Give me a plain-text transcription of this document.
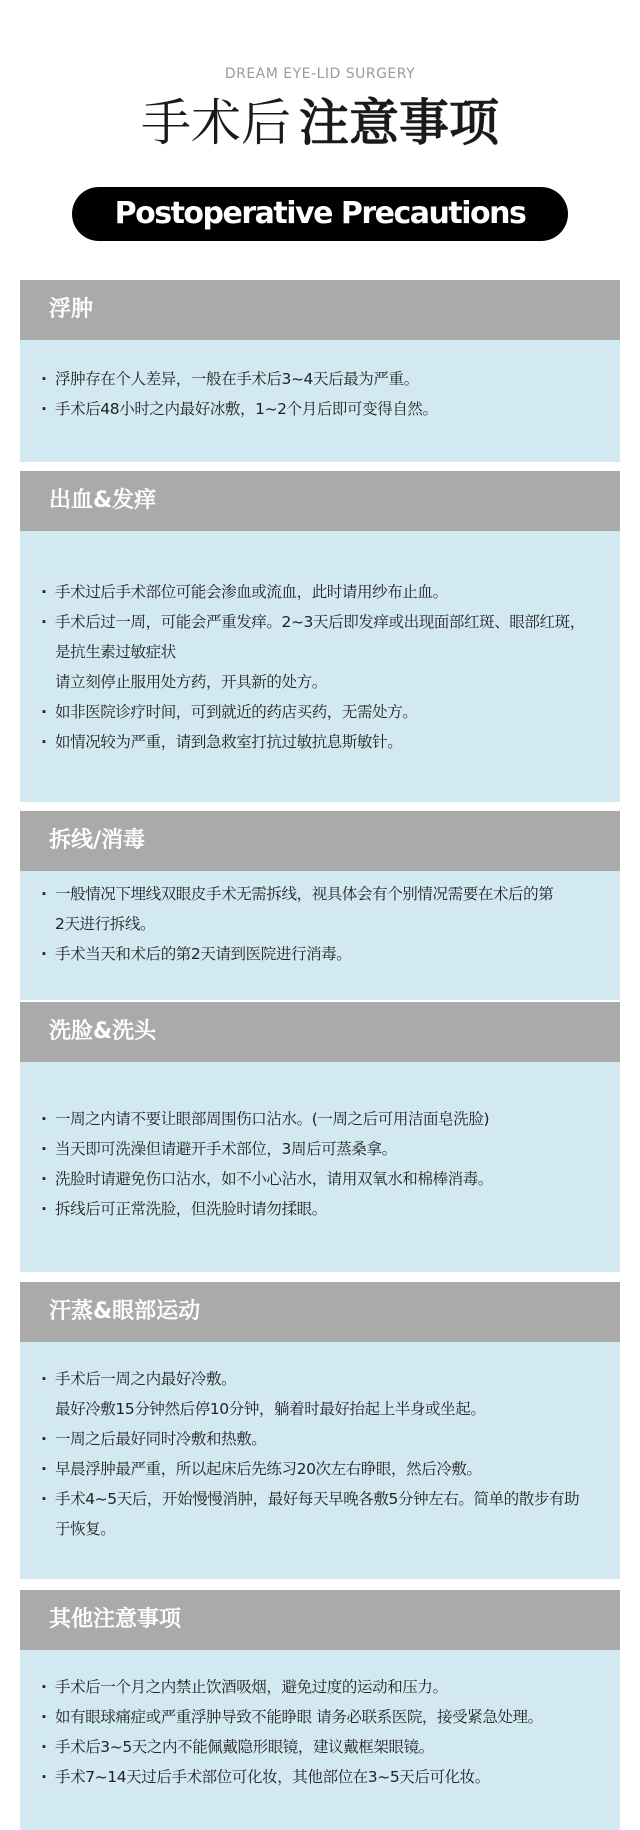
DREAM EYE-LID SURGERY
手术后 注意事项
Postoperative Precautions
浮肿
· 浮肿存在个人差异，一般在手术后3~4天后最为严重。
· 手术后48小时之内最好冰敷，1~2个月后即可变得自然。
出血&发痒
· 手术过后手术部位可能会渗血或流血，此时请用纱布止血。
· 手术后过一周，可能会严重发痒。2~3天后即发痒或出现面部红斑、眼部红斑，
是抗生素过敏症状
请立刻停止服用处方药，开具新的处方。
· 如非医院诊疗时间，可到就近的药店买药，无需处方。
· 如情况较为严重，请到急救室打抗过敏抗息斯敏针。
拆线/消毒
· 一般情况下埋线双眼皮手术无需拆线，视具体会有个别情况需要在术后的第
2天进行拆线。
· 手术当天和术后的第2天请到医院进行消毒。
洗脸&洗头
· 一周之内请不要让眼部周围伤口沾水。(一周之后可用洁面皂洗脸)
· 当天即可洗澡但请避开手术部位，3周后可蒸桑拿。
· 洗脸时请避免伤口沾水，如不小心沾水，请用双氧水和棉棒消毒。
· 拆线后可正常洗脸，但洗脸时请勿揉眼。
汗蒸&眼部运动
· 手术后一周之内最好冷敷。
最好冷敷15分钟然后停10分钟，躺着时最好抬起上半身或坐起。
· 一周之后最好同时冷敷和热敷。
· 早晨浮肿最严重，所以起床后先练习20次左右睁眼，然后冷敷。
· 手术4~5天后，开始慢慢消肿，最好每天早晚各敷5分钟左右。简单的散步有助
于恢复。
其他注意事项
· 手术后一个月之内禁止饮酒吸烟，避免过度的运动和压力。
· 如有眼球痛症或严重浮肿导致不能睁眼 请务必联系医院，接受紧急处理。
· 手术后3~5天之内不能佩戴隐形眼镜，建议戴框架眼镜。
· 手术7~14天过后手术部位可化妆，其他部位在3~5天后可化妆。
